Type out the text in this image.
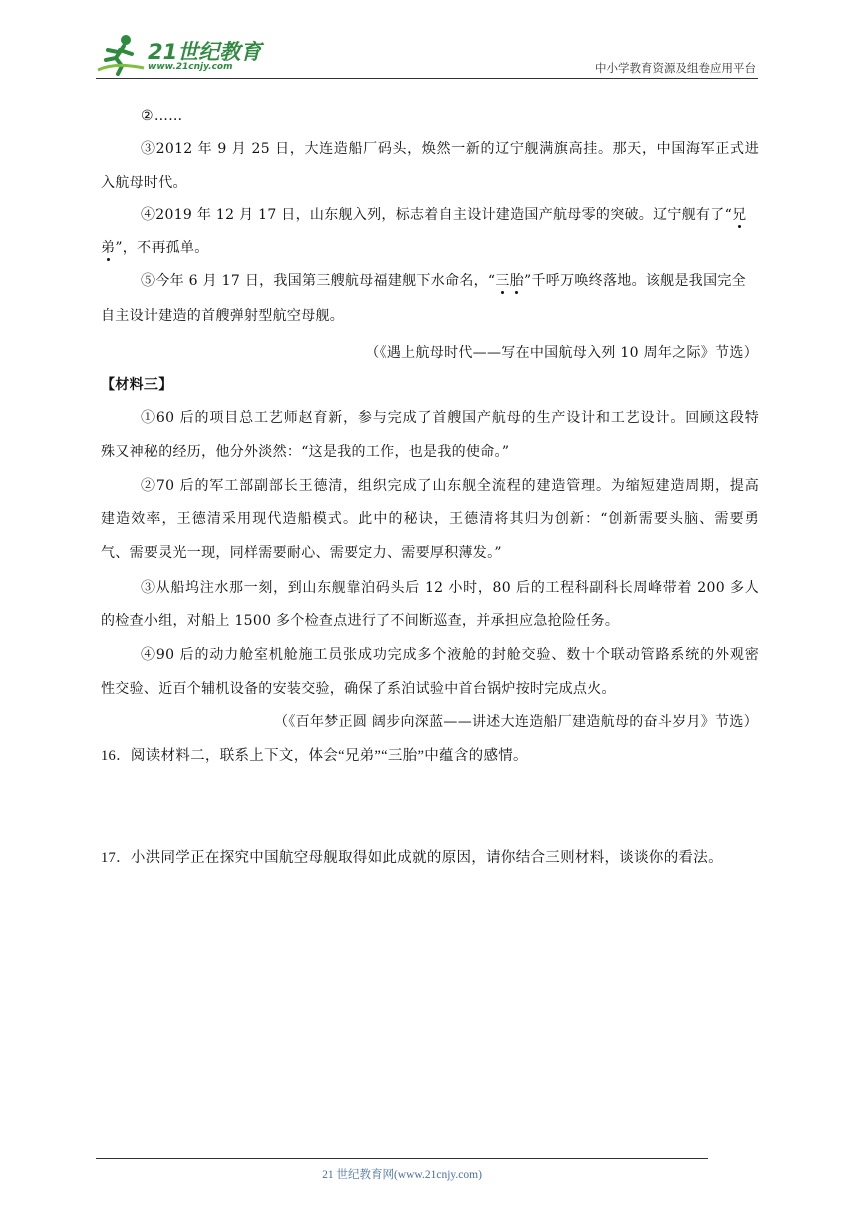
21世纪教育
www.21cnjy.com	中小学教育资源及组卷应用平台
②……
③2012 年 9 月 25 日，大连造船厂码头，焕然一新的辽宁舰满旗高挂。那天，中国海军正式进
入航母时代。
④2019 年 12 月 17 日，山东舰入列，标志着自主设计建造国产航母零的突破。辽宁舰有了“兄
弟
”，不再孤单。
⑤今年 6 月 17 日，我国第三艘航母福建舰下水命名，“三
胎
”千呼万唤终落地。该舰是我国完全
自主设计建造的首艘弹射型航空母舰。
（《遇上航母时代——写在中国航母入列 10 周年之际》节选）
【材料三】
①60 后的项目总工艺师赵育新，参与完成了首艘国产航母的生产设计和工艺设计。回顾这段特
殊又神秘的经历，他分外淡然：“这是我的工作，也是我的使命。”
②70 后的军工部副部长王德清，组织完成了山东舰全流程的建造管理。为缩短建造周期，提高
建造效率，王德清采用现代造船模式。此中的秘诀，王德清将其归为创新：“创新需要头脑、需要勇
气、需要灵光一现，同样需要耐心、需要定力、需要厚积薄发。”
③从船坞注水那一刻，到山东舰靠泊码头后 12 小时，80 后的工程科副科长周峰带着 200 多人
的检查小组，对船上 1500 多个检查点进行了不间断巡查，并承担应急抢险任务。
④90 后的动力舱室机舱施工员张成功完成多个液舱的封舱交验、数十个联动管路系统的外观密
性交验、近百个辅机设备的安装交验，确保了系泊试验中首台锅炉按时完成点火。
（《百年梦正圆 阔步向深蓝——讲述大连造船厂建造航母的奋斗岁月》节选）
16．阅读材料二，联系上下文，体会“兄弟”“三胎”中蕴含的感情。
17．小洪同学正在探究中国航空母舰取得如此成就的原因，请你结合三则材料，谈谈你的看法。
21 世纪教育网(www.21cnjy.com)
